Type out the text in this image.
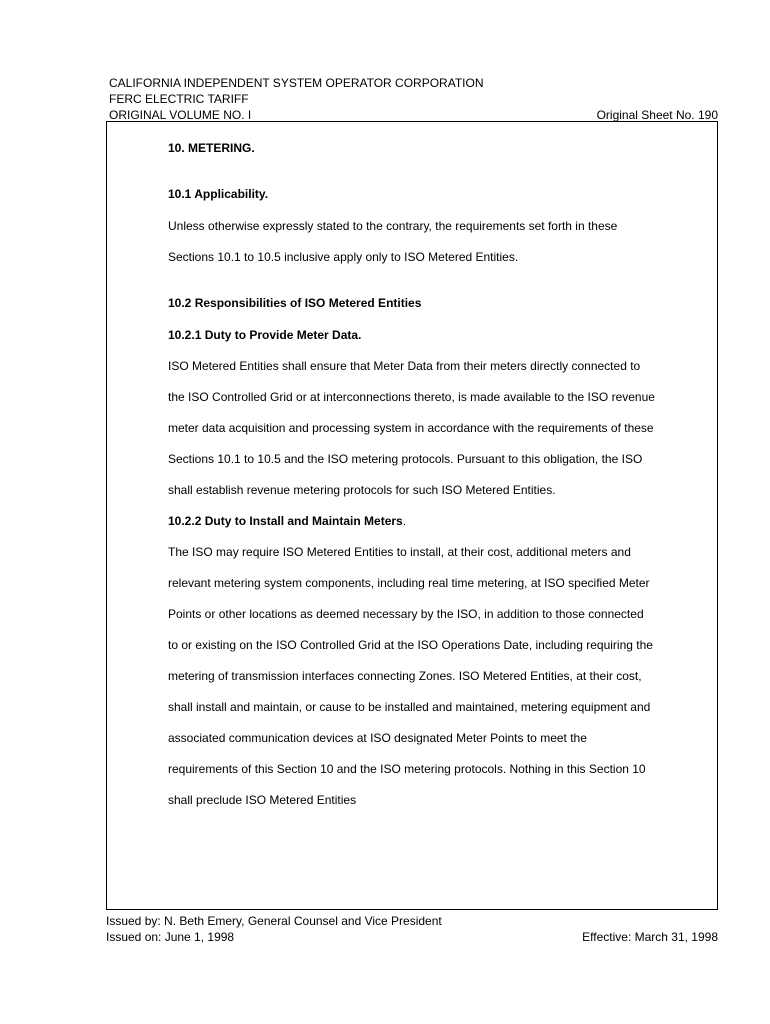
CALIFORNIA INDEPENDENT SYSTEM OPERATOR CORPORATION
FERC ELECTRIC TARIFF
ORIGINAL VOLUME NO. I	Original Sheet No. 190
10. METERING.
10.1 Applicability.
Unless otherwise expressly stated to the contrary, the requirements set forth in these
Sections 10.1 to 10.5 inclusive apply only to ISO Metered Entities.
10.2 Responsibilities of ISO Metered Entities
10.2.1 Duty to Provide Meter Data.
ISO Metered Entities shall ensure that Meter Data from their meters directly connected to
the ISO Controlled Grid or at interconnections thereto, is made available to the ISO revenue
meter data acquisition and processing system in accordance with the requirements of these
Sections 10.1 to 10.5 and the ISO metering protocols. Pursuant to this obligation, the ISO
shall establish revenue metering protocols for such ISO Metered Entities.
10.2.2 Duty to Install and Maintain Meters.
The ISO may require ISO Metered Entities to install, at their cost, additional meters and
relevant metering system components, including real time metering, at ISO specified Meter
Points or other locations as deemed necessary by the ISO, in addition to those connected
to or existing on the ISO Controlled Grid at the ISO Operations Date, including requiring the
metering of transmission interfaces connecting Zones. ISO Metered Entities, at their cost,
shall install and maintain, or cause to be installed and maintained, metering equipment and
associated communication devices at ISO designated Meter Points to meet the
requirements of this Section 10 and the ISO metering protocols. Nothing in this Section 10
shall preclude ISO Metered Entities
Issued by: N. Beth Emery, General Counsel and Vice President
Issued on: June 1, 1998	Effective: March 31, 1998
